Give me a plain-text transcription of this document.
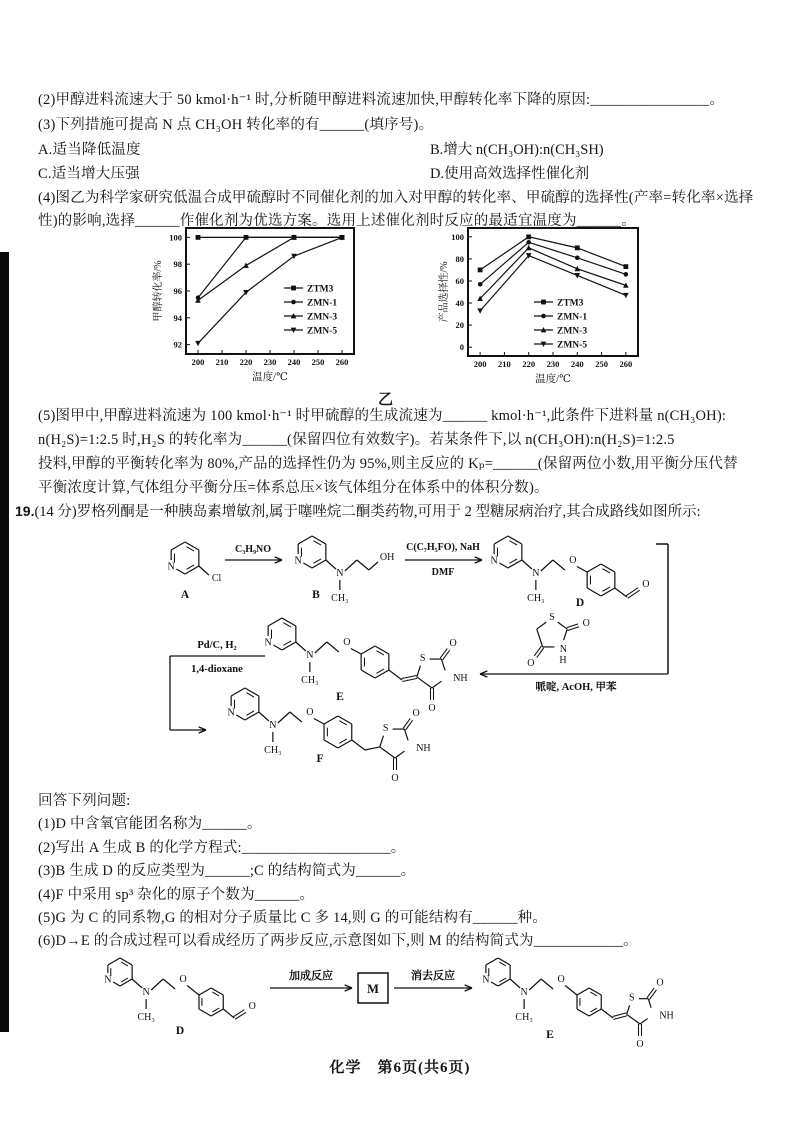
(2)甲醇进料流速大于 50 kmol·h⁻¹ 时,分析随甲醇进料流速加快,甲醇转化率下降的原因:________________。
(3)下列措施可提高 N 点 CH₃OH 转化率的有______(填序号)。
A.适当降低温度	B.增大 n(CH₃OH):n(CH₃SH)
C.适当增大压强	D.使用高效选择性催化剂
(4)图乙为科学家研究低温合成甲硫醇时不同催化剂的加入对甲醇的转化率、甲硫醇的选择性(产率=转化率×选择
性)的影响,选择______作催化剂为优选方案。选用上述催化剂时反应的最适宜温度为______。
200 210 220 230 240 250 260
92
94
96
98
100
温度/℃
甲醇转化率/%	ZTM3
ZMN-1
ZMN-3
ZMN-5
200 210 220 230 240 250 260
0
20
40
60
80
100
温度/℃
产品选择性/%	ZTM3
ZMN-1
ZMN-3
ZMN-5
乙
(5)图甲中,甲醇进料流速为 100 kmol·h⁻¹ 时甲硫醇的生成流速为______ kmol·h⁻¹,此条件下进料量 n(CH₃OH):
n(H₂S)=1:2.5 时,H₂S 的转化率为______(保留四位有效数字)。若某条件下,以 n(CH₃OH):n(H₂S)=1:2.5
投料,甲醇的平衡转化率为 80%,产品的选择性仍为 95%,则主反应的 Kₚ=______(保留两位小数,用平衡分压代替
平衡浓度计算,气体组分平衡分压=体系总压×该气体组分在体系中的体积分数)。
19.(14 分)罗格列酮是一种胰岛素增敏剂,属于噻唑烷二酮类药物,可用于 2 型糖尿病治疗,其合成路线如图所示:
N
Cl
A
C₃H₉NO
N
N
CH₃
OH
B
C(C₇H₅FO), NaH
DMF
N
N
CH₃
O
O
D
S
N
H
O
O
哌啶, AcOH, 甲苯
N
N
CH₃
O
S
NH
O
O
E
Pd/C, H₂
1,4-dioxane
N
N
CH₃
O
S
NH
O
O
F
回答下列问题:
(1)D 中含氧官能团名称为______。
(2)写出 A 生成 B 的化学方程式:____________________。
(3)B 生成 D 的反应类型为______;C 的结构简式为______。
(4)F 中采用 sp³ 杂化的原子个数为______。
(5)G 为 C 的同系物,G 的相对分子质量比 C 多 14,则 G 的可能结构有______种。
(6)D→E 的合成过程可以看成经历了两步反应,示意图如下,则 M 的结构简式为____________。
N
N
CH₃
O
O
D
加成反应
M
消去反应	N
N
CH₃
O
S
NH
O
O
E
化学　第6页(共6页)
